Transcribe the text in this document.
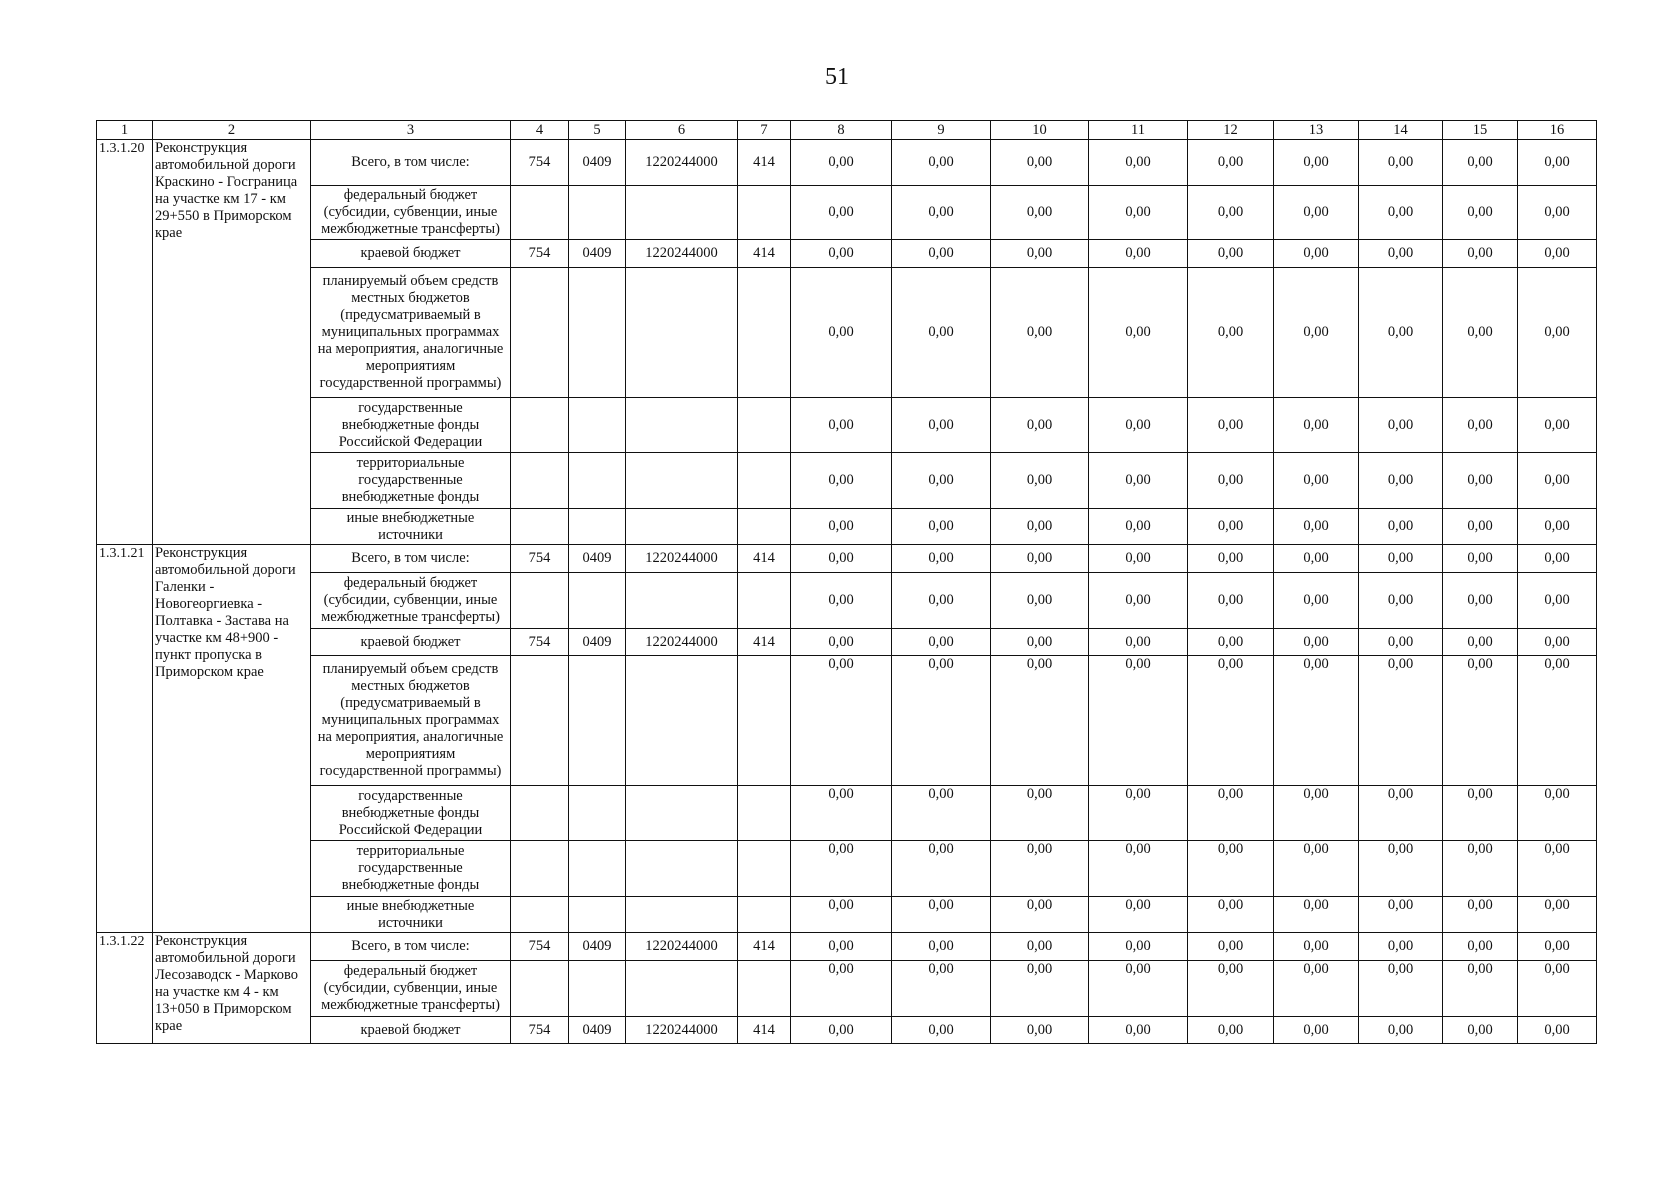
51
1	2	3	4	5	6	7	8	9	10	11	12	13	14	15	16
1.3.1.20	Реконструкция автомобильной дороги Краскино - Госграница на участке км 17 - км 29+550 в Приморском крае	Всего, в том числе:	754	0409	1220244000	414	0,00	0,00	0,00	0,00	0,00	0,00	0,00	0,00	0,00
		федеральный бюджет (субсидии, субвенции, иные межбюджетные трансферты)					0,00	0,00	0,00	0,00	0,00	0,00	0,00	0,00	0,00
		краевой бюджет	754	0409	1220244000	414	0,00	0,00	0,00	0,00	0,00	0,00	0,00	0,00	0,00
		планируемый объем средств местных бюджетов (предусматриваемый в муниципальных программах на мероприятия, аналогичные мероприятиям государственной программы)					0,00	0,00	0,00	0,00	0,00	0,00	0,00	0,00	0,00
		государственные внебюджетные фонды Российской Федерации					0,00	0,00	0,00	0,00	0,00	0,00	0,00	0,00	0,00
		территориальные государственные внебюджетные фонды					0,00	0,00	0,00	0,00	0,00	0,00	0,00	0,00	0,00
		иные внебюджетные источники					0,00	0,00	0,00	0,00	0,00	0,00	0,00	0,00	0,00
1.3.1.21	Реконструкция автомобильной дороги Галенки - Новогеоргиевка - Полтавка - Застава на участке км 48+900 - пункт пропуска в Приморском крае	Всего, в том числе:	754	0409	1220244000	414	0,00	0,00	0,00	0,00	0,00	0,00	0,00	0,00	0,00
		федеральный бюджет (субсидии, субвенции, иные межбюджетные трансферты)					0,00	0,00	0,00	0,00	0,00	0,00	0,00	0,00	0,00
		краевой бюджет	754	0409	1220244000	414	0,00	0,00	0,00	0,00	0,00	0,00	0,00	0,00	0,00
		планируемый объем средств местных бюджетов (предусматриваемый в муниципальных программах на мероприятия, аналогичные мероприятиям государственной программы)					0,00	0,00	0,00	0,00	0,00	0,00	0,00	0,00	0,00
		государственные внебюджетные фонды Российской Федерации					0,00	0,00	0,00	0,00	0,00	0,00	0,00	0,00	0,00
		территориальные государственные внебюджетные фонды					0,00	0,00	0,00	0,00	0,00	0,00	0,00	0,00	0,00
		иные внебюджетные источники					0,00	0,00	0,00	0,00	0,00	0,00	0,00	0,00	0,00
1.3.1.22	Реконструкция автомобильной дороги Лесозаводск - Марково на участке км 4 - км 13+050 в Приморском крае	Всего, в том числе:	754	0409	1220244000	414	0,00	0,00	0,00	0,00	0,00	0,00	0,00	0,00	0,00
		федеральный бюджет (субсидии, субвенции, иные межбюджетные трансферты)					0,00	0,00	0,00	0,00	0,00	0,00	0,00	0,00	0,00
		краевой бюджет	754	0409	1220244000	414	0,00	0,00	0,00	0,00	0,00	0,00	0,00	0,00	0,00
